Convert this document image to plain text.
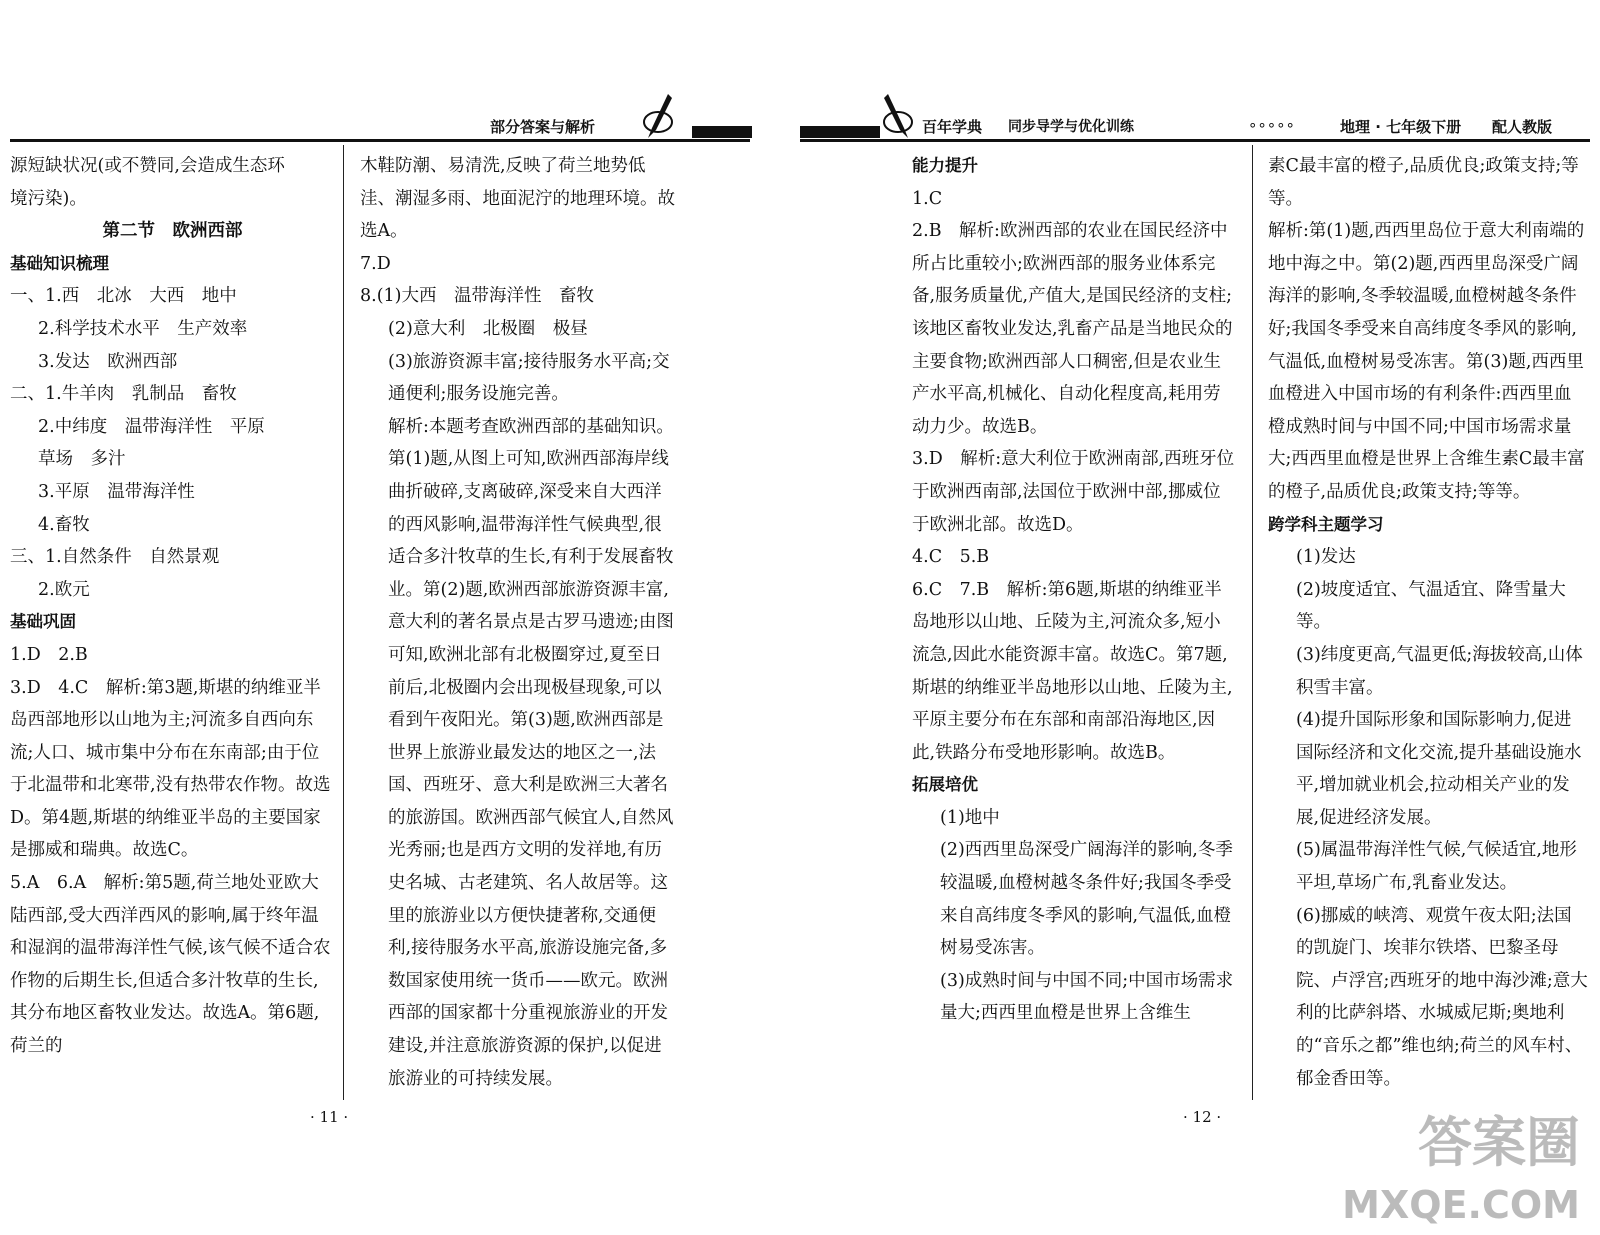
部分答案与解析	百年学典 同步导学与优化训练	∘∘∘∘∘	地理 · 七年级下册 配人教版
源短缺状况(或不赞同,会造成生态环
境污染)。
第二节　欧洲西部
基础知识梳理
一、1.西　北冰　大西　地中
2.科学技术水平　生产效率
3.发达　欧洲西部
二、1.牛羊肉　乳制品　畜牧
2.中纬度　温带海洋性　平原
草场　多汁
3.平原　温带海洋性
4.畜牧
三、1.自然条件　自然景观
2.欧元
基础巩固
1.D　2.B
3.D　4.C　解析:第3题,斯堪的纳维亚半岛西部地形以山地为主;河流多自西向东流;人口、城市集中分布在东南部;由于位于北温带和北寒带,没有热带农作物。故选D。第4题,斯堪的纳维亚半岛的主要国家是挪威和瑞典。故选C。
5.A　6.A　解析:第5题,荷兰地处亚欧大陆西部,受大西洋西风的影响,属于终年温和湿润的温带海洋性气候,该气候不适合农作物的后期生长,但适合多汁牧草的生长,其分布地区畜牧业发达。故选A。第6题,荷兰的
木鞋防潮、易清洗,反映了荷兰地势低洼、潮湿多雨、地面泥泞的地理环境。故选A。
7.D
8.(1)大西　温带海洋性　畜牧
(2)意大利　北极圈　极昼
(3)旅游资源丰富;接待服务水平高;交通便利;服务设施完善。
解析:本题考查欧洲西部的基础知识。第(1)题,从图上可知,欧洲西部海岸线曲折破碎,支离破碎,深受来自大西洋的西风影响,温带海洋性气候典型,很适合多汁牧草的生长,有利于发展畜牧业。第(2)题,欧洲西部旅游资源丰富,意大利的著名景点是古罗马遗迹;由图可知,欧洲北部有北极圈穿过,夏至日前后,北极圈内会出现极昼现象,可以看到午夜阳光。第(3)题,欧洲西部是世界上旅游业最发达的地区之一,法国、西班牙、意大利是欧洲三大著名的旅游国。欧洲西部气候宜人,自然风光秀丽;也是西方文明的发祥地,有历史名城、古老建筑、名人故居等。这里的旅游业以方便快捷著称,交通便利,接待服务水平高,旅游设施完备,多数国家使用统一货币——欧元。欧洲西部的国家都十分重视旅游业的开发建设,并注意旅游资源的保护,以促进旅游业的可持续发展。
能力提升
1.C
2.B　解析:欧洲西部的农业在国民经济中所占比重较小;欧洲西部的服务业体系完备,服务质量优,产值大,是国民经济的支柱;该地区畜牧业发达,乳畜产品是当地民众的主要食物;欧洲西部人口稠密,但是农业生产水平高,机械化、自动化程度高,耗用劳动力少。故选B。
3.D　解析:意大利位于欧洲南部,西班牙位于欧洲西南部,法国位于欧洲中部,挪威位于欧洲北部。故选D。
4.C　5.B
6.C　7.B　解析:第6题,斯堪的纳维亚半岛地形以山地、丘陵为主,河流众多,短小流急,因此水能资源丰富。故选C。第7题,斯堪的纳维亚半岛地形以山地、丘陵为主,平原主要分布在东部和南部沿海地区,因此,铁路分布受地形影响。故选B。
拓展培优
(1)地中
(2)西西里岛深受广阔海洋的影响,冬季较温暖,血橙树越冬条件好;我国冬季受来自高纬度冬季风的影响,气温低,血橙树易受冻害。
(3)成熟时间与中国不同;中国市场需求量大;西西里血橙是世界上含维生
素C最丰富的橙子,品质优良;政策支持;等等。
解析:第(1)题,西西里岛位于意大利南端的地中海之中。第(2)题,西西里岛深受广阔海洋的影响,冬季较温暖,血橙树越冬条件好;我国冬季受来自高纬度冬季风的影响,气温低,血橙树易受冻害。第(3)题,西西里血橙进入中国市场的有利条件:西西里血橙成熟时间与中国不同;中国市场需求量大;西西里血橙是世界上含维生素C最丰富的橙子,品质优良;政策支持;等等。
跨学科主题学习
(1)发达
(2)坡度适宜、气温适宜、降雪量大等。
(3)纬度更高,气温更低;海拔较高,山体积雪丰富。
(4)提升国际形象和国际影响力,促进国际经济和文化交流,提升基础设施水平,增加就业机会,拉动相关产业的发展,促进经济发展。
(5)属温带海洋性气候,气候适宜,地形平坦,草场广布,乳畜业发达。
(6)挪威的峡湾、观赏午夜太阳;法国的凯旋门、埃菲尔铁塔、巴黎圣母院、卢浮宫;西班牙的地中海沙滩;意大利的比萨斜塔、水城威尼斯;奥地利的“音乐之都”维也纳;荷兰的风车村、郁金香田等。
· 11 ·	· 12 ·	答案圈
MXQE.COM
